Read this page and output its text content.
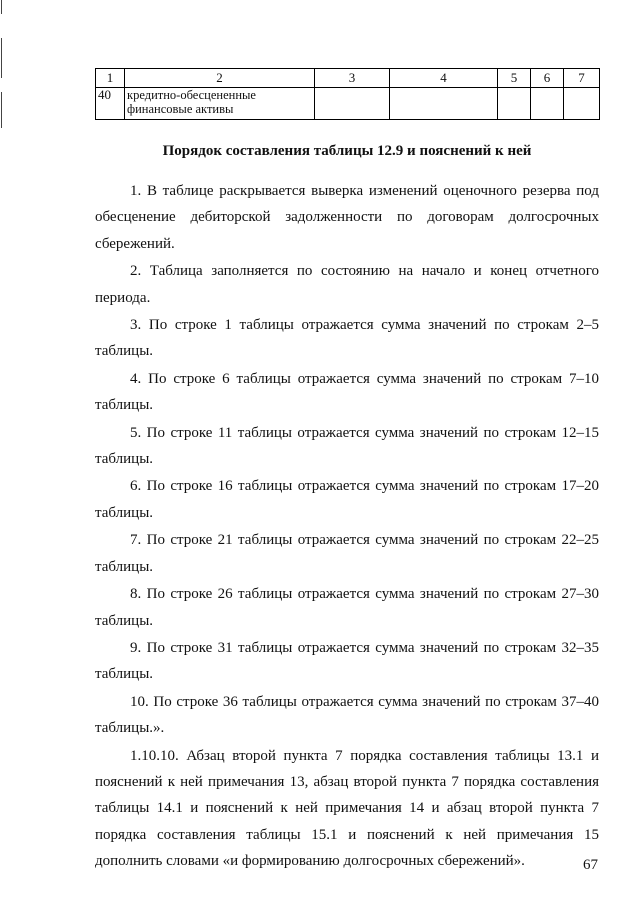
1	2	3	4	5	6	7
40	кредитно-обесцененные
финансовые активы					
Порядок составления таблицы 12.9 и пояснений к ней

1. В таблице раскрывается выверка изменений оценочного резерва под обесценение дебиторской задолженности по договорам долгосрочных сбережений.

2. Таблица заполняется по состоянию на начало и конец отчетного периода.

3. По строке 1 таблицы отражается сумма значений по строкам 2–5 таблицы.

4. По строке 6 таблицы отражается сумма значений по строкам 7–10 таблицы.

5. По строке 11 таблицы отражается сумма значений по строкам 12–15 таблицы.

6. По строке 16 таблицы отражается сумма значений по строкам 17–20 таблицы.

7. По строке 21 таблицы отражается сумма значений по строкам 22–25 таблицы.

8. По строке 26 таблицы отражается сумма значений по строкам 27–30 таблицы.

9. По строке 31 таблицы отражается сумма значений по строкам 32–35 таблицы.

10. По строке 36 таблицы отражается сумма значений по строкам 37–40 таблицы.».

1.10.10. Абзац второй пункта 7 порядка составления таблицы 13.1 и пояснений к ней примечания 13, абзац второй пункта 7 порядка составления таблицы 14.1 и пояснений к ней примечания 14 и абзац второй пункта 7 порядка составления таблицы 15.1 и пояснений к ней примечания 15 дополнить словами «и формированию долгосрочных сбережений».	67
